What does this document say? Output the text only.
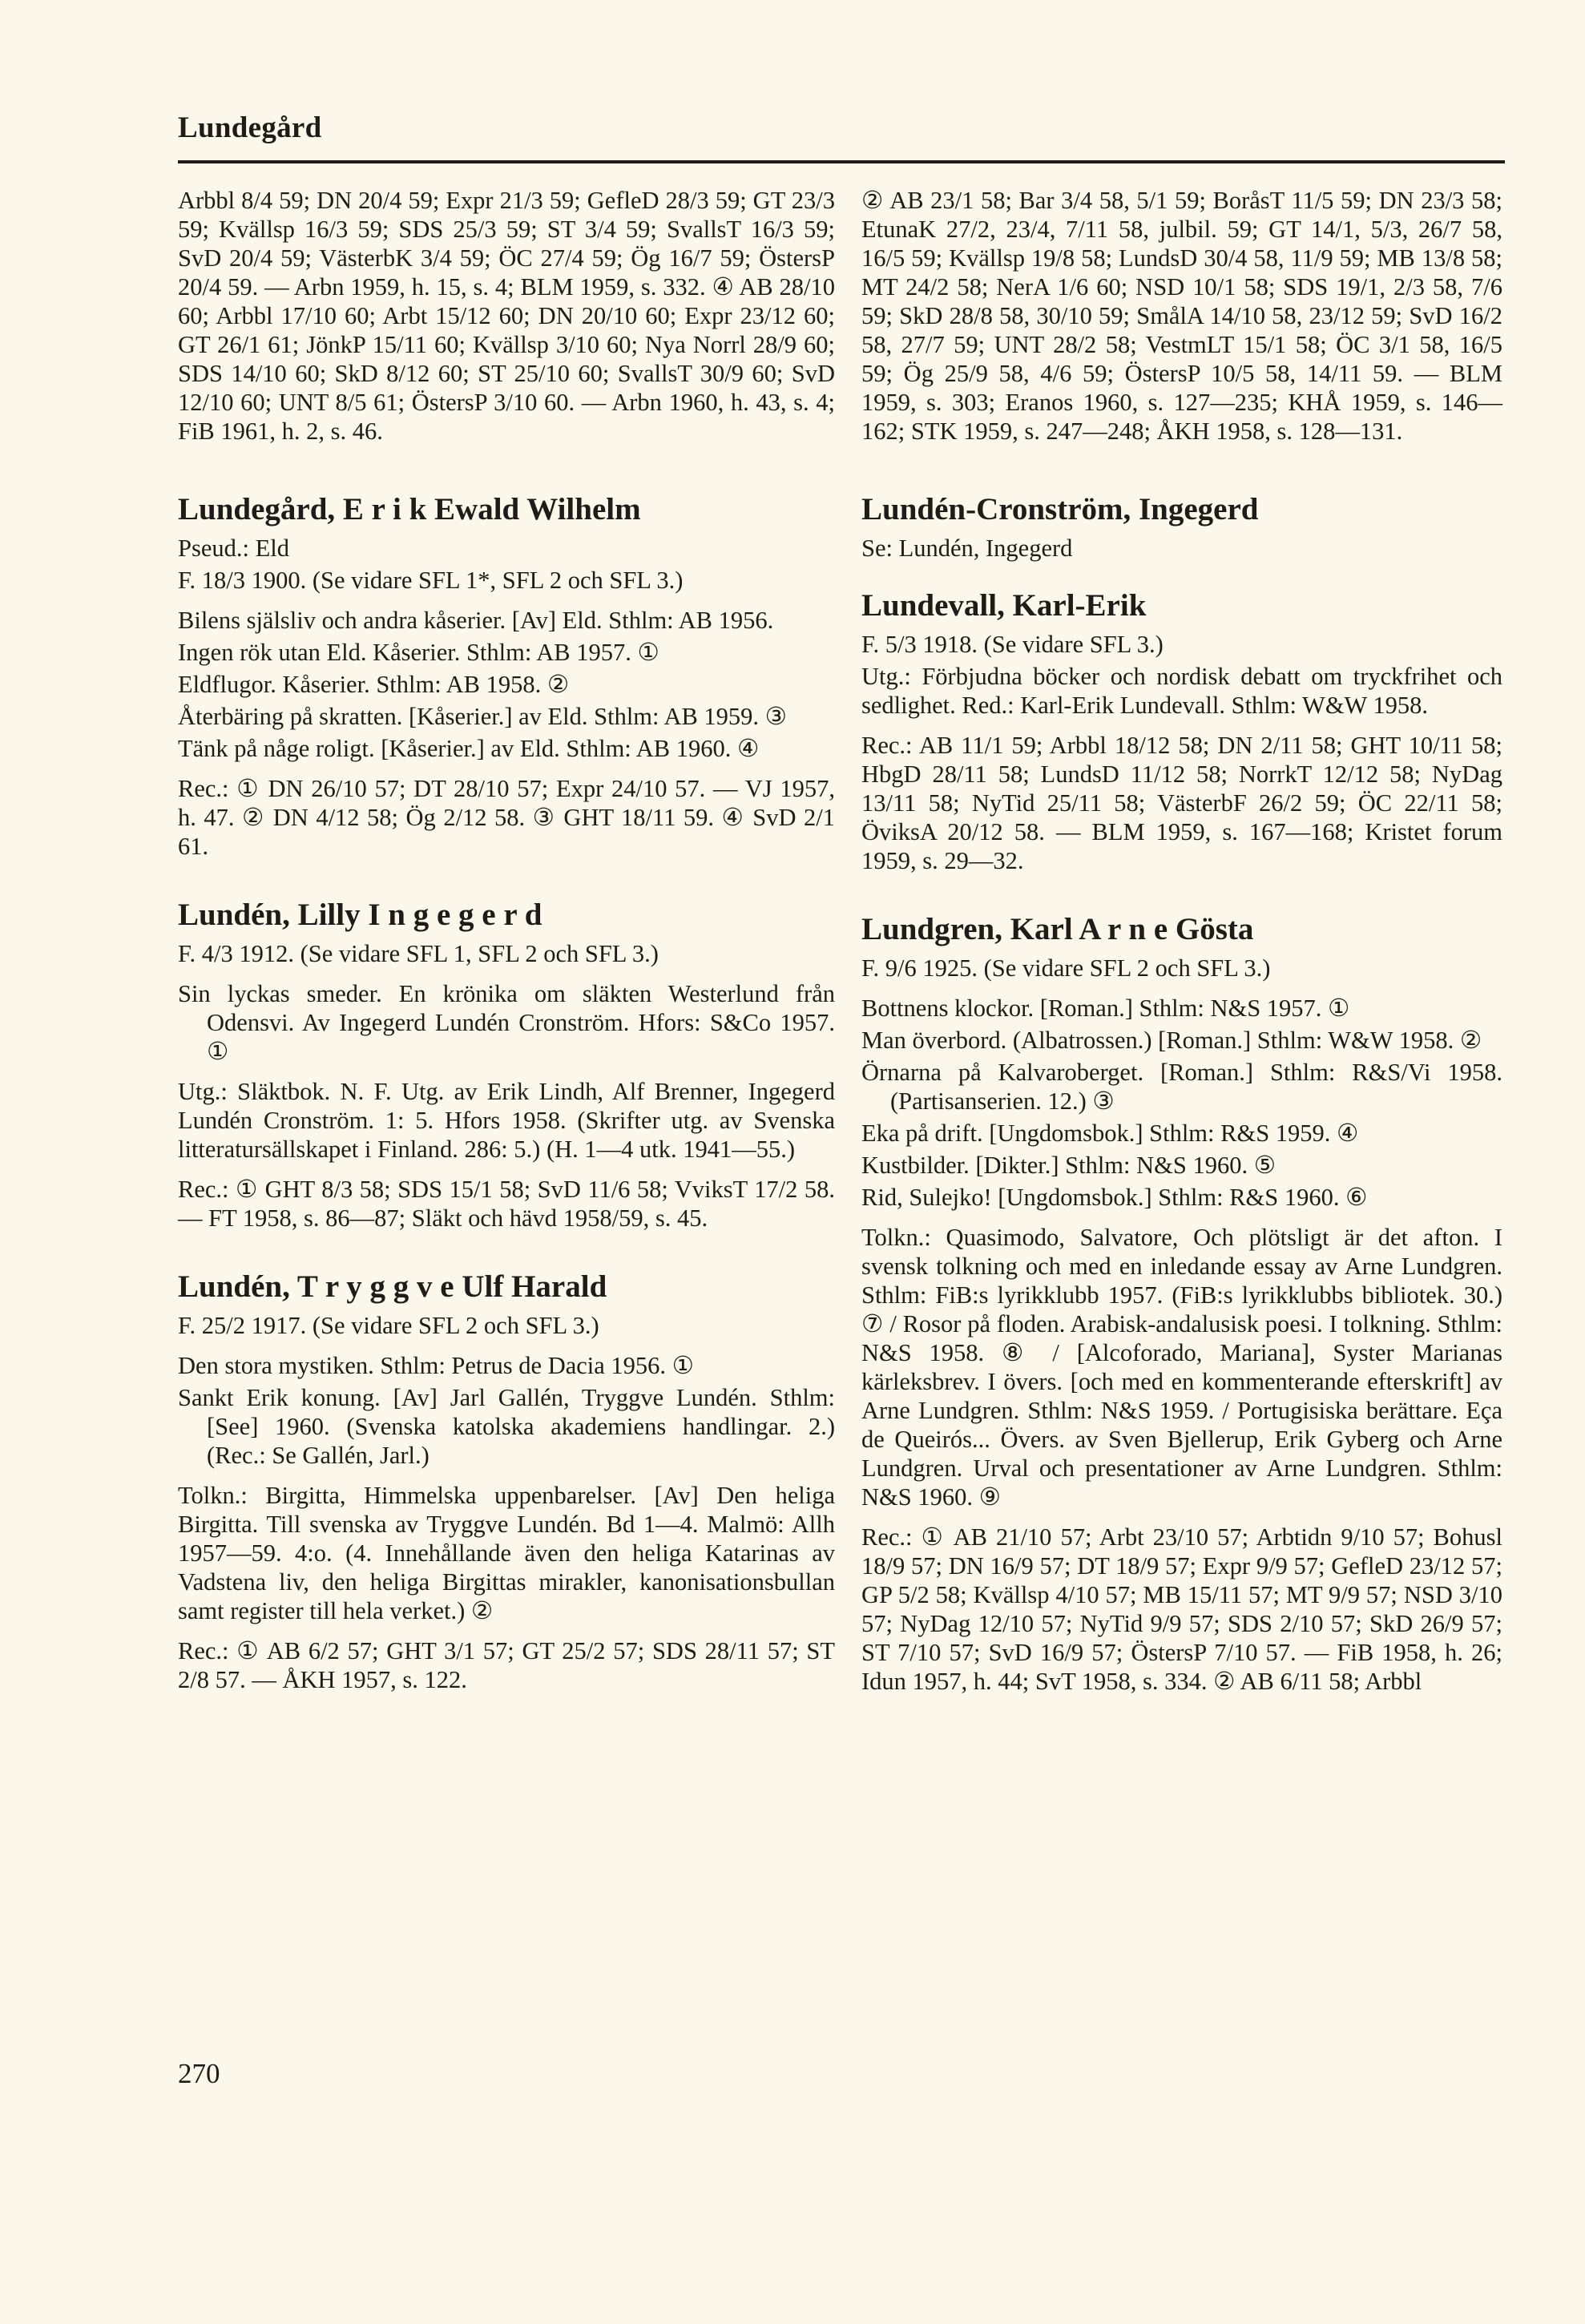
Lundegård
Arbbl 8/4 59; DN 20/4 59; Expr 21/3 59; GefleD 28/3 59; GT 23/3 59; Kvällsp 16/3 59; SDS 25/3 59; ST 3/4 59; SvallsT 16/3 59; SvD 20/4 59; VästerbK 3/4 59; ÖC 27/4 59; Ög 16/7 59; ÖstersP 20/4 59. — Arbn 1959, h. 15, s. 4; BLM 1959, s. 332. ④ AB 28/10 60; Arbbl 17/10 60; Arbt 15/12 60; DN 20/10 60; Expr 23/12 60; GT 26/1 61; JönkP 15/11 60; Kvällsp 3/10 60; Nya Norrl 28/9 60; SDS 14/10 60; SkD 8/12 60; ST 25/10 60; SvallsT 30/9 60; SvD 12/10 60; UNT 8/5 61; ÖstersP 3/10 60. — Arbn 1960, h. 43, s. 4; FiB 1961, h. 2, s. 46.
Lundegård, E r i k Ewald Wilhelm
Pseud.: Eld
F. 18/3 1900. (Se vidare SFL 1*, SFL 2 och SFL 3.)
Bilens själsliv och andra kåserier. [Av] Eld. Sthlm: AB 1956.
Ingen rök utan Eld. Kåserier. Sthlm: AB 1957. ①
Eldflugor. Kåserier. Sthlm: AB 1958. ②
Återbäring på skratten. [Kåserier.] av Eld. Sthlm: AB 1959. ③
Tänk på någe roligt. [Kåserier.] av Eld. Sthlm: AB 1960. ④
Rec.: ① DN 26/10 57; DT 28/10 57; Expr 24/10 57. — VJ 1957, h. 47. ② DN 4/12 58; Ög 2/12 58. ③ GHT 18/11 59. ④ SvD 2/1 61.
Lundén, Lilly I n g e g e r d
F. 4/3 1912. (Se vidare SFL 1, SFL 2 och SFL 3.)
Sin lyckas smeder. En krönika om släkten Westerlund från Odensvi. Av Ingegerd Lundén Cronström. Hfors: S&Co 1957. ①
Utg.: Släktbok. N. F. Utg. av Erik Lindh, Alf Brenner, Ingegerd Lundén Cronström. 1: 5. Hfors 1958. (Skrifter utg. av Svenska litteratursällskapet i Finland. 286: 5.) (H. 1—4 utk. 1941—55.)
Rec.: ① GHT 8/3 58; SDS 15/1 58; SvD 11/6 58; VviksT 17/2 58. — FT 1958, s. 86—87; Släkt och hävd 1958/59, s. 45.
Lundén, T r y g g v e Ulf Harald
F. 25/2 1917. (Se vidare SFL 2 och SFL 3.)
Den stora mystiken. Sthlm: Petrus de Dacia 1956. ①
Sankt Erik konung. [Av] Jarl Gallén, Tryggve Lundén. Sthlm: [See] 1960. (Svenska katolska akademiens handlingar. 2.) (Rec.: Se Gallén, Jarl.)
Tolkn.: Birgitta, Himmelska uppenbarelser. [Av] Den heliga Birgitta. Till svenska av Tryggve Lundén. Bd 1—4. Malmö: Allh 1957—59. 4:o. (4. Innehållande även den heliga Katarinas av Vadstena liv, den heliga Birgittas mirakler, kanonisationsbullan samt register till hela verket.) ②
Rec.: ① AB 6/2 57; GHT 3/1 57; GT 25/2 57; SDS 28/11 57; ST 2/8 57. — ÅKH 1957, s. 122.
② AB 23/1 58; Bar 3/4 58, 5/1 59; BoråsT 11/5 59; DN 23/3 58; EtunaK 27/2, 23/4, 7/11 58, julbil. 59; GT 14/1, 5/3, 26/7 58, 16/5 59; Kvällsp 19/8 58; LundsD 30/4 58, 11/9 59; MB 13/8 58; MT 24/2 58; NerA 1/6 60; NSD 10/1 58; SDS 19/1, 2/3 58, 7/6 59; SkD 28/8 58, 30/10 59; SmålA 14/10 58, 23/12 59; SvD 16/2 58, 27/7 59; UNT 28/2 58; VestmLT 15/1 58; ÖC 3/1 58, 16/5 59; Ög 25/9 58, 4/6 59; ÖstersP 10/5 58, 14/11 59. — BLM 1959, s. 303; Eranos 1960, s. 127—235; KHÅ 1959, s. 146—162; STK 1959, s. 247—248; ÅKH 1958, s. 128—131.
Lundén-Cronström, Ingegerd
Se: Lundén, Ingegerd
Lundevall, Karl-Erik
F. 5/3 1918. (Se vidare SFL 3.)
Utg.: Förbjudna böcker och nordisk debatt om tryckfrihet och sedlighet. Red.: Karl-Erik Lundevall. Sthlm: W&W 1958.
Rec.: AB 11/1 59; Arbbl 18/12 58; DN 2/11 58; GHT 10/11 58; HbgD 28/11 58; LundsD 11/12 58; NorrkT 12/12 58; NyDag 13/11 58; NyTid 25/11 58; VästerbF 26/2 59; ÖC 22/11 58; ÖviksA 20/12 58. — BLM 1959, s. 167—168; Kristet forum 1959, s. 29—32.
Lundgren, Karl A r n e Gösta
F. 9/6 1925. (Se vidare SFL 2 och SFL 3.)
Bottnens klockor. [Roman.] Sthlm: N&S 1957. ①
Man överbord. (Albatrossen.) [Roman.] Sthlm: W&W 1958. ②
Örnarna på Kalvaroberget. [Roman.] Sthlm: R&S/Vi 1958. (Partisanserien. 12.) ③
Eka på drift. [Ungdomsbok.] Sthlm: R&S 1959. ④
Kustbilder. [Dikter.] Sthlm: N&S 1960. ⑤
Rid, Sulejko! [Ungdomsbok.] Sthlm: R&S 1960. ⑥
Tolkn.: Quasimodo, Salvatore, Och plötsligt är det afton. I svensk tolkning och med en inledande essay av Arne Lundgren. Sthlm: FiB:s lyrikklubb 1957. (FiB:s lyrikklubbs bibliotek. 30.) ⑦ / Rosor på floden. Arabisk-andalusisk poesi. I tolkning. Sthlm: N&S 1958. ⑧ / [Alcoforado, Mariana], Syster Marianas kärleksbrev. I övers. [och med en kommenterande efterskrift] av Arne Lundgren. Sthlm: N&S 1959. / Portugisiska berättare. Eça de Queirós... Övers. av Sven Bjellerup, Erik Gyberg och Arne Lundgren. Urval och presentationer av Arne Lundgren. Sthlm: N&S 1960. ⑨
Rec.: ① AB 21/10 57; Arbt 23/10 57; Arbtidn 9/10 57; Bohusl 18/9 57; DN 16/9 57; DT 18/9 57; Expr 9/9 57; GefleD 23/12 57; GP 5/2 58; Kvällsp 4/10 57; MB 15/11 57; MT 9/9 57; NSD 3/10 57; NyDag 12/10 57; NyTid 9/9 57; SDS 2/10 57; SkD 26/9 57; ST 7/10 57; SvD 16/9 57; ÖstersP 7/10 57. — FiB 1958, h. 26; Idun 1957, h. 44; SvT 1958, s. 334. ② AB 6/11 58; Arbbl
270
